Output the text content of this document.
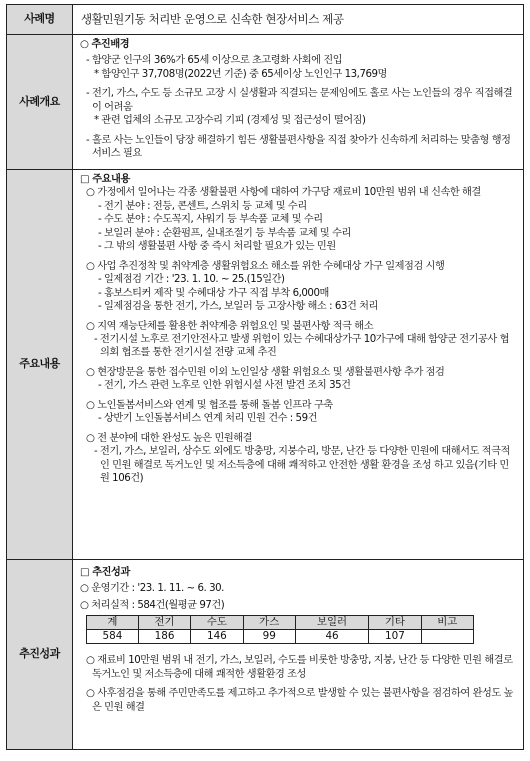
사례명	생활민원기동 처리반 운영으로 신속한 현장서비스 제공
사례개요	
○ 추진배경
- 함양군 인구의 36%가 65세 이상으로 초고령화 사회에 진입
* 함양인구 37,708명(2022년 기준) 중 65세이상 노인인구 13,769명
- 전기, 가스, 수도 등 소규모 고장 시 실생활과 직결되는 문제임에도 홀로 사는 노인들의 경우 직접해결이 어려움
* 관련 업체의 소규모 고장수리 기피 (경제성 및 접근성이 떨어짐)
- 홀로 사는 노인들이 당장 해결하기 힘든 생활불편사항을 직접 찾아가 신속하게 처리하는 맞춤형 행정서비스 필요

주요내용	
□ 주요내용
○ 가정에서 일어나는 각종 생활불편 사항에 대하여 가구당 재료비 10만원 범위 내 신속한 해결
- 전기 분야 : 전등, 콘센트, 스위치 등 교체 및 수리
- 수도 분야 : 수도꼭지, 샤워기 등 부속품 교체 및 수리
- 보일러 분야 : 순환펌프, 실내조절기 등 부속품 교체 및 수리
- 그 밖의 생활불편 사항 중 즉시 처리할 필요가 있는 민원
○ 사업 추진정착 및 취약계층 생활위험요소 해소를 위한 수혜대상 가구 일제점검 시행
- 일제점검 기간 : '23. 1. 10. ~ 25.(15일간)
- 홍보스티커 제작 및 수혜대상 가구 직접 부착 6,000매
- 일제점검을 통한 전기, 가스, 보일러 등 고장사항 해소 : 63건 처리
○ 지역 재능단체를 활용한 취약계층 위험요인 및 불편사항 적극 해소
- 전기시설 노후로 전기안전사고 발생 위험이 있는 수혜대상가구 10가구에 대해 함양군 전기공사 협의회 협조를 통한 전기시설 전량 교체 추진
○ 현장방문을 통한 접수민원 이외 노인일상 생활 위험요소 및 생활불편사항 추가 점검
- 전기, 가스 관련 노후로 인한 위험시설 사전 발견 조치 35건
○ 노인돌봄서비스와 연계 및 협조를 통해 돌봄 인프라 구축
- 상반기 노인돌봄서비스 연계 처리 민원 건수 : 59건
○ 전 분야에 대한 완성도 높은 민원해결
- 전기, 가스, 보일러, 상수도 외에도 방충망, 지붕수리, 방문, 난간 등 다양한 민원에 대해서도 적극적인 민원 해결로 독거노인 및 저소득층에 대해 쾌적하고 안전한 생활 환경을 조성 하고 있음(기타 민원 106건)

추진성과	
□ 추진성과
○ 운영기간 : '23. 1. 11. ~ 6. 30.
○ 처리실적 : 584건(월평균 97건)
계	전기	수도	가스	보일러	기타	비고
584	186	146	99	46	107	
○ 재료비 10만원 범위 내 전기, 가스, 보일러, 수도를 비롯한 방충망, 지붕, 난간 등 다양한 민원 해결로 독거노인 및 저소득층에 대해 쾌적한 생활환경 조성
○ 사후점검을 통해 주민만족도를 제고하고 추가적으로 발생할 수 있는 불편사항을 점검하여 완성도 높은 민원 해결
